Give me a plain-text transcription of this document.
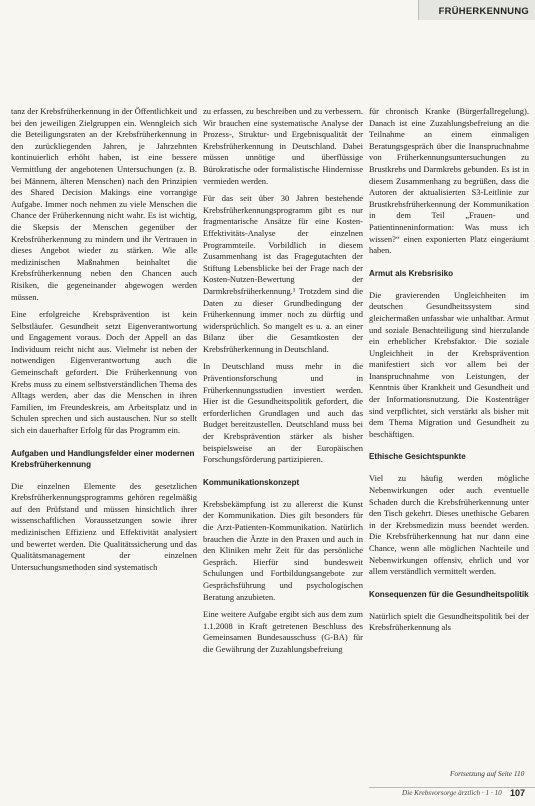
FRÜHERKENNUNG

tanz der Krebsfrüherkennung in der Öffentlichkeit und bei den jeweiligen Zielgruppen ein. Wenngleich sich die Beteiligungsraten an der Krebsfrüherkennung in den zurückliegenden Jahren, je Jahrzehnten kontinuierlich erhöht haben, ist eine bessere Vermittlung der angebotenen Untersuchungen (z. B. bei Männern, älteren Menschen) nach den Prinzipien des Shared Decision Makings eine vorrangige Aufgabe. Immer noch nehmen zu viele Menschen die Chance der Früherkennung nicht wahr. Es ist wichtig, die Skepsis der Menschen gegenüber der Krebsfrüherkennung zu mindern und ihr Vertrauen in dieses Angebot wieder zu stärken. Wie alle medizinischen Maßnahmen beinhaltet die Krebsfrüherkennung neben den Chancen auch Risiken, die gegeneinander abgewogen werden müssen.

Eine erfolgreiche Krebsprävention ist kein Selbstläufer. Gesundheit setzt Eigenverantwortung und Engagement voraus. Doch der Appell an das Individuum reicht nicht aus. Vielmehr ist neben der notwendigen Eigenverantwortung auch die Gemeinschaft gefordert. Die Früherkennung von Krebs muss zu einem selbstverständlichen Thema des Alltags werden, aber das die Menschen in ihren Familien, im Freundeskreis, am Arbeitsplatz und in Schulen sprechen und sich austauschen. Nur so stellt sich ein dauerhafter Erfolg für das Programm ein.

Aufgaben und Handlungsfelder einer modernen Krebsfrüherkennung

Die einzelnen Elemente des gesetzlichen Krebsfrüherkennungsprogramms gehören regelmäßig auf den Prüfstand und müssen hinsichtlich ihrer wissenschaftlichen Voraussetzungen sowie ihrer medizinischen Effizienz und Effektivität analysiert und bewertet werden. Die Qualitätssicherung und das Qualitätsmanagement der einzelnen Untersuchungsmethoden sind systematisch

zu erfassen, zu beschreiben und zu verbessern. Wir brauchen eine systematische Analyse der Prozess-, Struktur- und Ergebnisqualität der Krebsfrüherkennung in Deutschland. Dabei müssen unnötige und überflüssige Bürokratische oder formalistische Hindernisse vermieden werden.

Für das seit über 30 Jahren bestehende Krebsfrüherkennungsprogramm gibt es nur fragmentarische Ansätze für eine Kosten-Effektivitäts-Analyse der einzelnen Programmteile. Vorbildlich in diesem Zusammenhang ist das Fragegutachten der Stiftung Lebensblicke bei der Frage nach der Kosten-Nutzen-Bewertung der Darmkrebsfrüherkennung.¹ Trotzdem sind die Daten zu dieser Grundbedingung der Früherkennung immer noch zu dürftig und widersprüchlich. So mangelt es u. a. an einer Bilanz über die Gesamtkosten der Krebsfrüherkennung in Deutschland.

In Deutschland muss mehr in die Präventionsforschung und in Früherkennungsstudien investiert werden. Hier ist die Gesundheitspolitik gefordert, die erforderlichen Grundlagen und auch das Budget bereitzustellen. Deutschland muss bei der Krebsprävention stärker als bisher beispielsweise an der Europäischen Forschungsförderung partizipieren.

Kommunikationskonzept

Krebsbekämpfung ist zu allererst die Kunst der Kommunikation. Dies gilt besonders für die Arzt-Patienten-Kommunikation. Natürlich brauchen die Ärzte in den Praxen und auch in den Kliniken mehr Zeit für das persönliche Gespräch. Hierfür sind bundesweit Schulungen und Fortbildungsangebote zur Gesprächsführung und psychologischen Beratung anzubieten.

Eine weitere Aufgabe ergibt sich aus dem zum 1.1.2008 in Kraft getretenen Beschluss des Gemeinsamen Bundesausschuss (G-BA) für die Gewährung der Zuzahlungsbefreiung

für chronisch Kranke (Bürgerfallregelung). Danach ist eine Zuzahlungsbefreiung an die Teilnahme an einem einmaligen Beratungsgespräch über die Inanspruchnahme von Früherkennungsuntersuchungen zu Brustkrebs und Darmkrebs gebunden. Es ist in diesem Zusammenhang zu begrüßen, dass die Autoren der aktualisierten S3-Leitlinie zur Brustkrebsfrüherkennung der Kommunikation in dem Teil „Frauen- und Patientinneninformation: Was muss ich wissen?“ einen exponierten Platz eingeräumt haben.

Armut als Krebsrisiko

Die gravierenden Ungleichheiten im deutschen Gesundheitssystem sind gleichermaßen unfassbar wie unhaltbar. Armut und soziale Benachteiligung sind hierzulande ein erheblicher Krebsfaktor. Die soziale Ungleichheit in der Krebsprävention manifestiert sich vor allem bei der Inanspruchnahme von Leistungen, der Kenntnis über Krankheit und Gesundheit und der Informationsnutzung. Die Kostenträger sind verpflichtet, sich verstärkt als bisher mit dem Thema Migration und Gesundheit zu beschäftigen.

Ethische Gesichtspunkte

Viel zu häufig werden mögliche Nebenwirkungen oder auch eventuelle Schaden durch die Krebsfrüherkennung unter den Tisch gekehrt. Dieses unethische Gebaren in der Krebsmedizin muss beendet werden. Die Krebsfrüherkennung hat nur dann eine Chance, wenn alle möglichen Nachteile und Nebenwirkungen offensiv, ehrlich und vor allem verständlich vermittelt werden.

Konsequenzen für die Gesundheitspolitik

Natürlich spielt die Gesundheitspolitik bei der Krebsfrüherkennung als

Fortsetzung auf Seite 110
Die Krebsvorsorge ärztlich · 1 · 10 107
